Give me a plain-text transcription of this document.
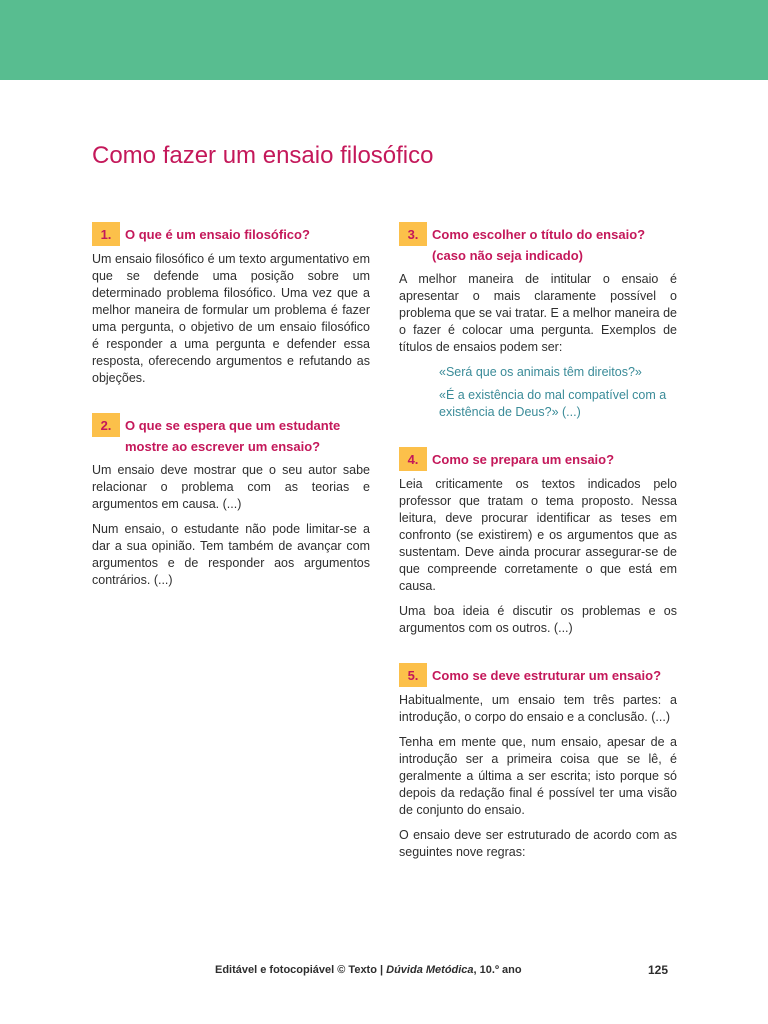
Como fazer um ensaio filosófico
1.	O que é um ensaio filosófico?

Um ensaio filosófico é um texto argumentativo em que se defende uma posição sobre um determinado problema filosófico. Uma vez que a melhor maneira de formular um problema é fazer uma pergunta, o objetivo de um ensaio filosófico é responder a uma pergunta e defender essa resposta, oferecendo argumentos e refutando as objeções.

2.	O que se espera que um estudante mostre ao escrever um ensaio?

Um ensaio deve mostrar que o seu autor sabe relacionar o problema com as teorias e argumentos em causa. (...)

Num ensaio, o estudante não pode limitar-se a dar a sua opinião. Tem também de avançar com argumentos e de responder aos argumentos contrários. (...)

3.	Como escolher o título do ensaio? (caso não seja indicado)

A melhor maneira de intitular o ensaio é apresentar o mais claramente possível o problema que se vai tratar. E a melhor maneira de o fazer é colocar uma pergunta. Exemplos de títulos de ensaios podem ser:

«Será que os animais têm direitos?»

«É a existência do mal compatível com a existência de Deus?» (...)

4.	Como se prepara um ensaio?

Leia criticamente os textos indicados pelo professor que tratam o tema proposto. Nessa leitura, deve procurar identificar as teses em confronto (se existirem) e os argumentos que as sustentam. Deve ainda procurar assegurar-se de que compreende corretamente o que está em causa.

Uma boa ideia é discutir os problemas e os argumentos com os outros. (...)

5.	Como se deve estruturar um ensaio?

Habitualmente, um ensaio tem três partes: a introdução, o corpo do ensaio e a conclusão. (...)

Tenha em mente que, num ensaio, apesar de a introdução ser a primeira coisa que se lê, é geralmente a última a ser escrita; isto porque só depois da redação final é possível ter uma visão de conjunto do ensaio.

O ensaio deve ser estruturado de acordo com as seguintes nove regras:

Editável e fotocopiável © Texto | Dúvida Metódica, 10.º ano	125
